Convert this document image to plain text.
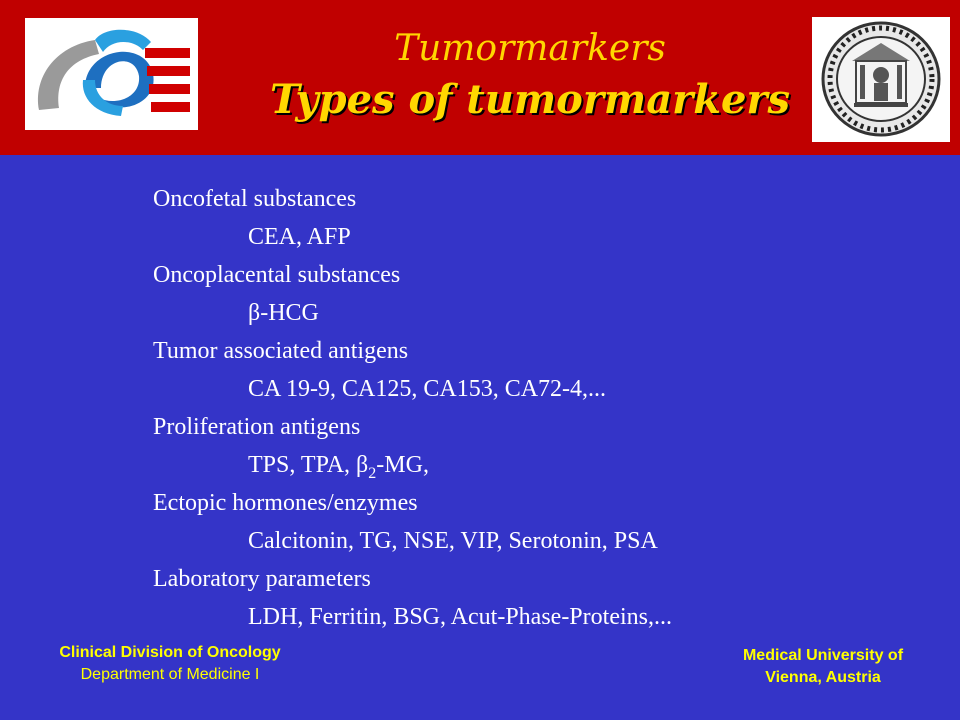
Tumormarkers
Types of tumormarkers
Oncofetal substances
CEA, AFP
Oncoplacental substances
β-HCG
Tumor associated antigens
CA 19-9, CA125, CA153, CA72-4,...
Proliferation antigens
TPS, TPA, $\beta_2-MG$,
Ectopic hormones/enzymes
Calcitonin, TG, NSE, VIP, Serotonin, PSA
Laboratory parameters
LDH, Ferritin, BSG, Acut-Phase-Proteins,...
Clinical Division of Oncology
Department of Medicine I
Medical University of
Vienna, Austria
